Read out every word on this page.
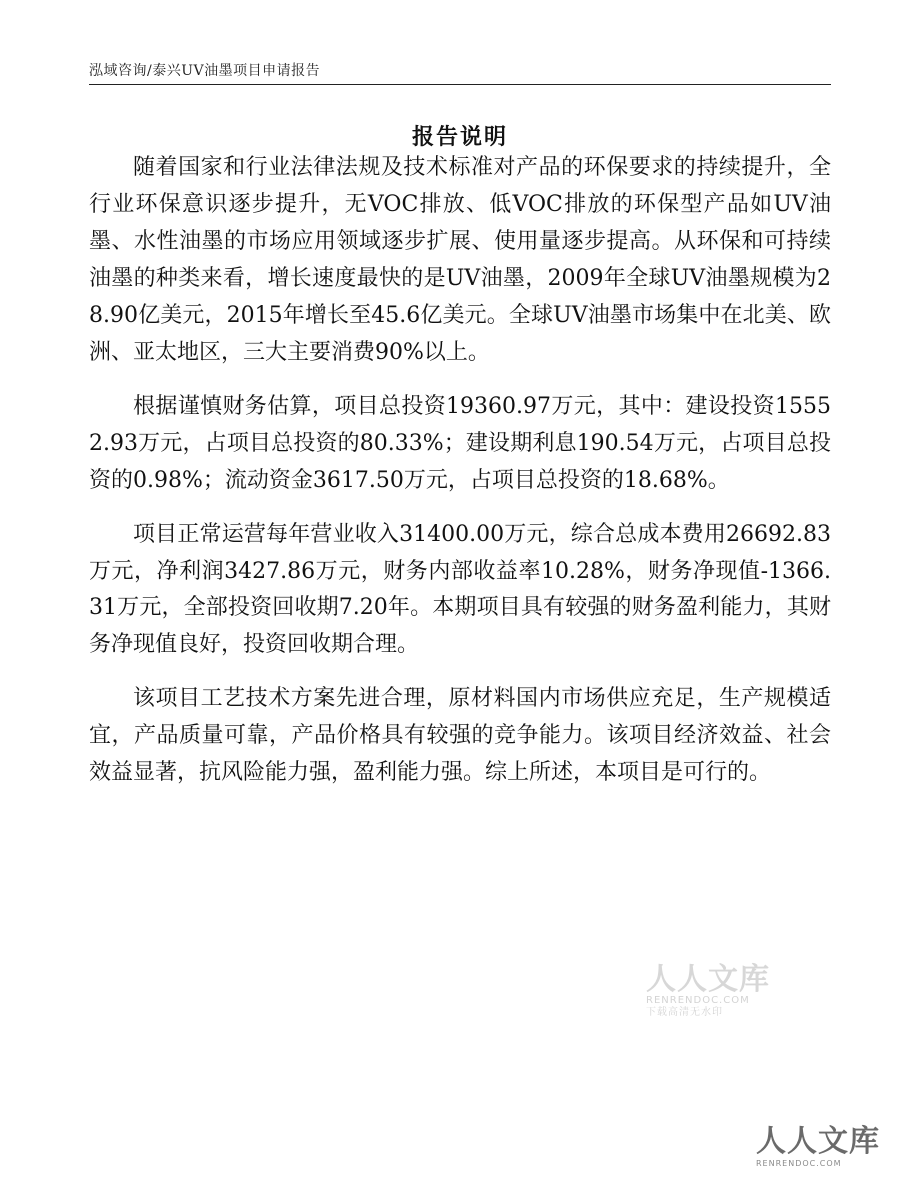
泓域咨询/泰兴UV油墨项目申请报告
报告说明

随着国家和行业法律法规及技术标准对产品的环保要求的持续提升，全行业环保意识逐步提升，无VOC排放、低VOC排放的环保型产品如UV油墨、水性油墨的市场应用领域逐步扩展、使用量逐步提高。从环保和可持续油墨的种类来看，增长速度最快的是UV油墨，2009年全球UV油墨规模为28.90亿美元，2015年增长至45.6亿美元。全球UV油墨市场集中在北美、欧洲、亚太地区，三大主要消费90%以上。

根据谨慎财务估算，项目总投资19360.97万元，其中：建设投资15552.93万元，占项目总投资的80.33%；建设期利息190.54万元，占项目总投资的0.98%；流动资金3617.50万元，占项目总投资的18.68%。

项目正常运营每年营业收入31400.00万元，综合总成本费用26692.83万元，净利润3427.86万元，财务内部收益率10.28%，财务净现值-1366.31万元，全部投资回收期7.20年。本期项目具有较强的财务盈利能力，其财务净现值良好，投资回收期合理。

该项目工艺技术方案先进合理，原材料国内市场供应充足，生产规模适宜，产品质量可靠，产品价格具有较强的竞争能力。该项目经济效益、社会效益显著，抗风险能力强，盈利能力强。综上所述，本项目是可行的。

人人文库
RENRENDOC.COM
下载高清无水印
人人文库
RENRENDOC.COM
